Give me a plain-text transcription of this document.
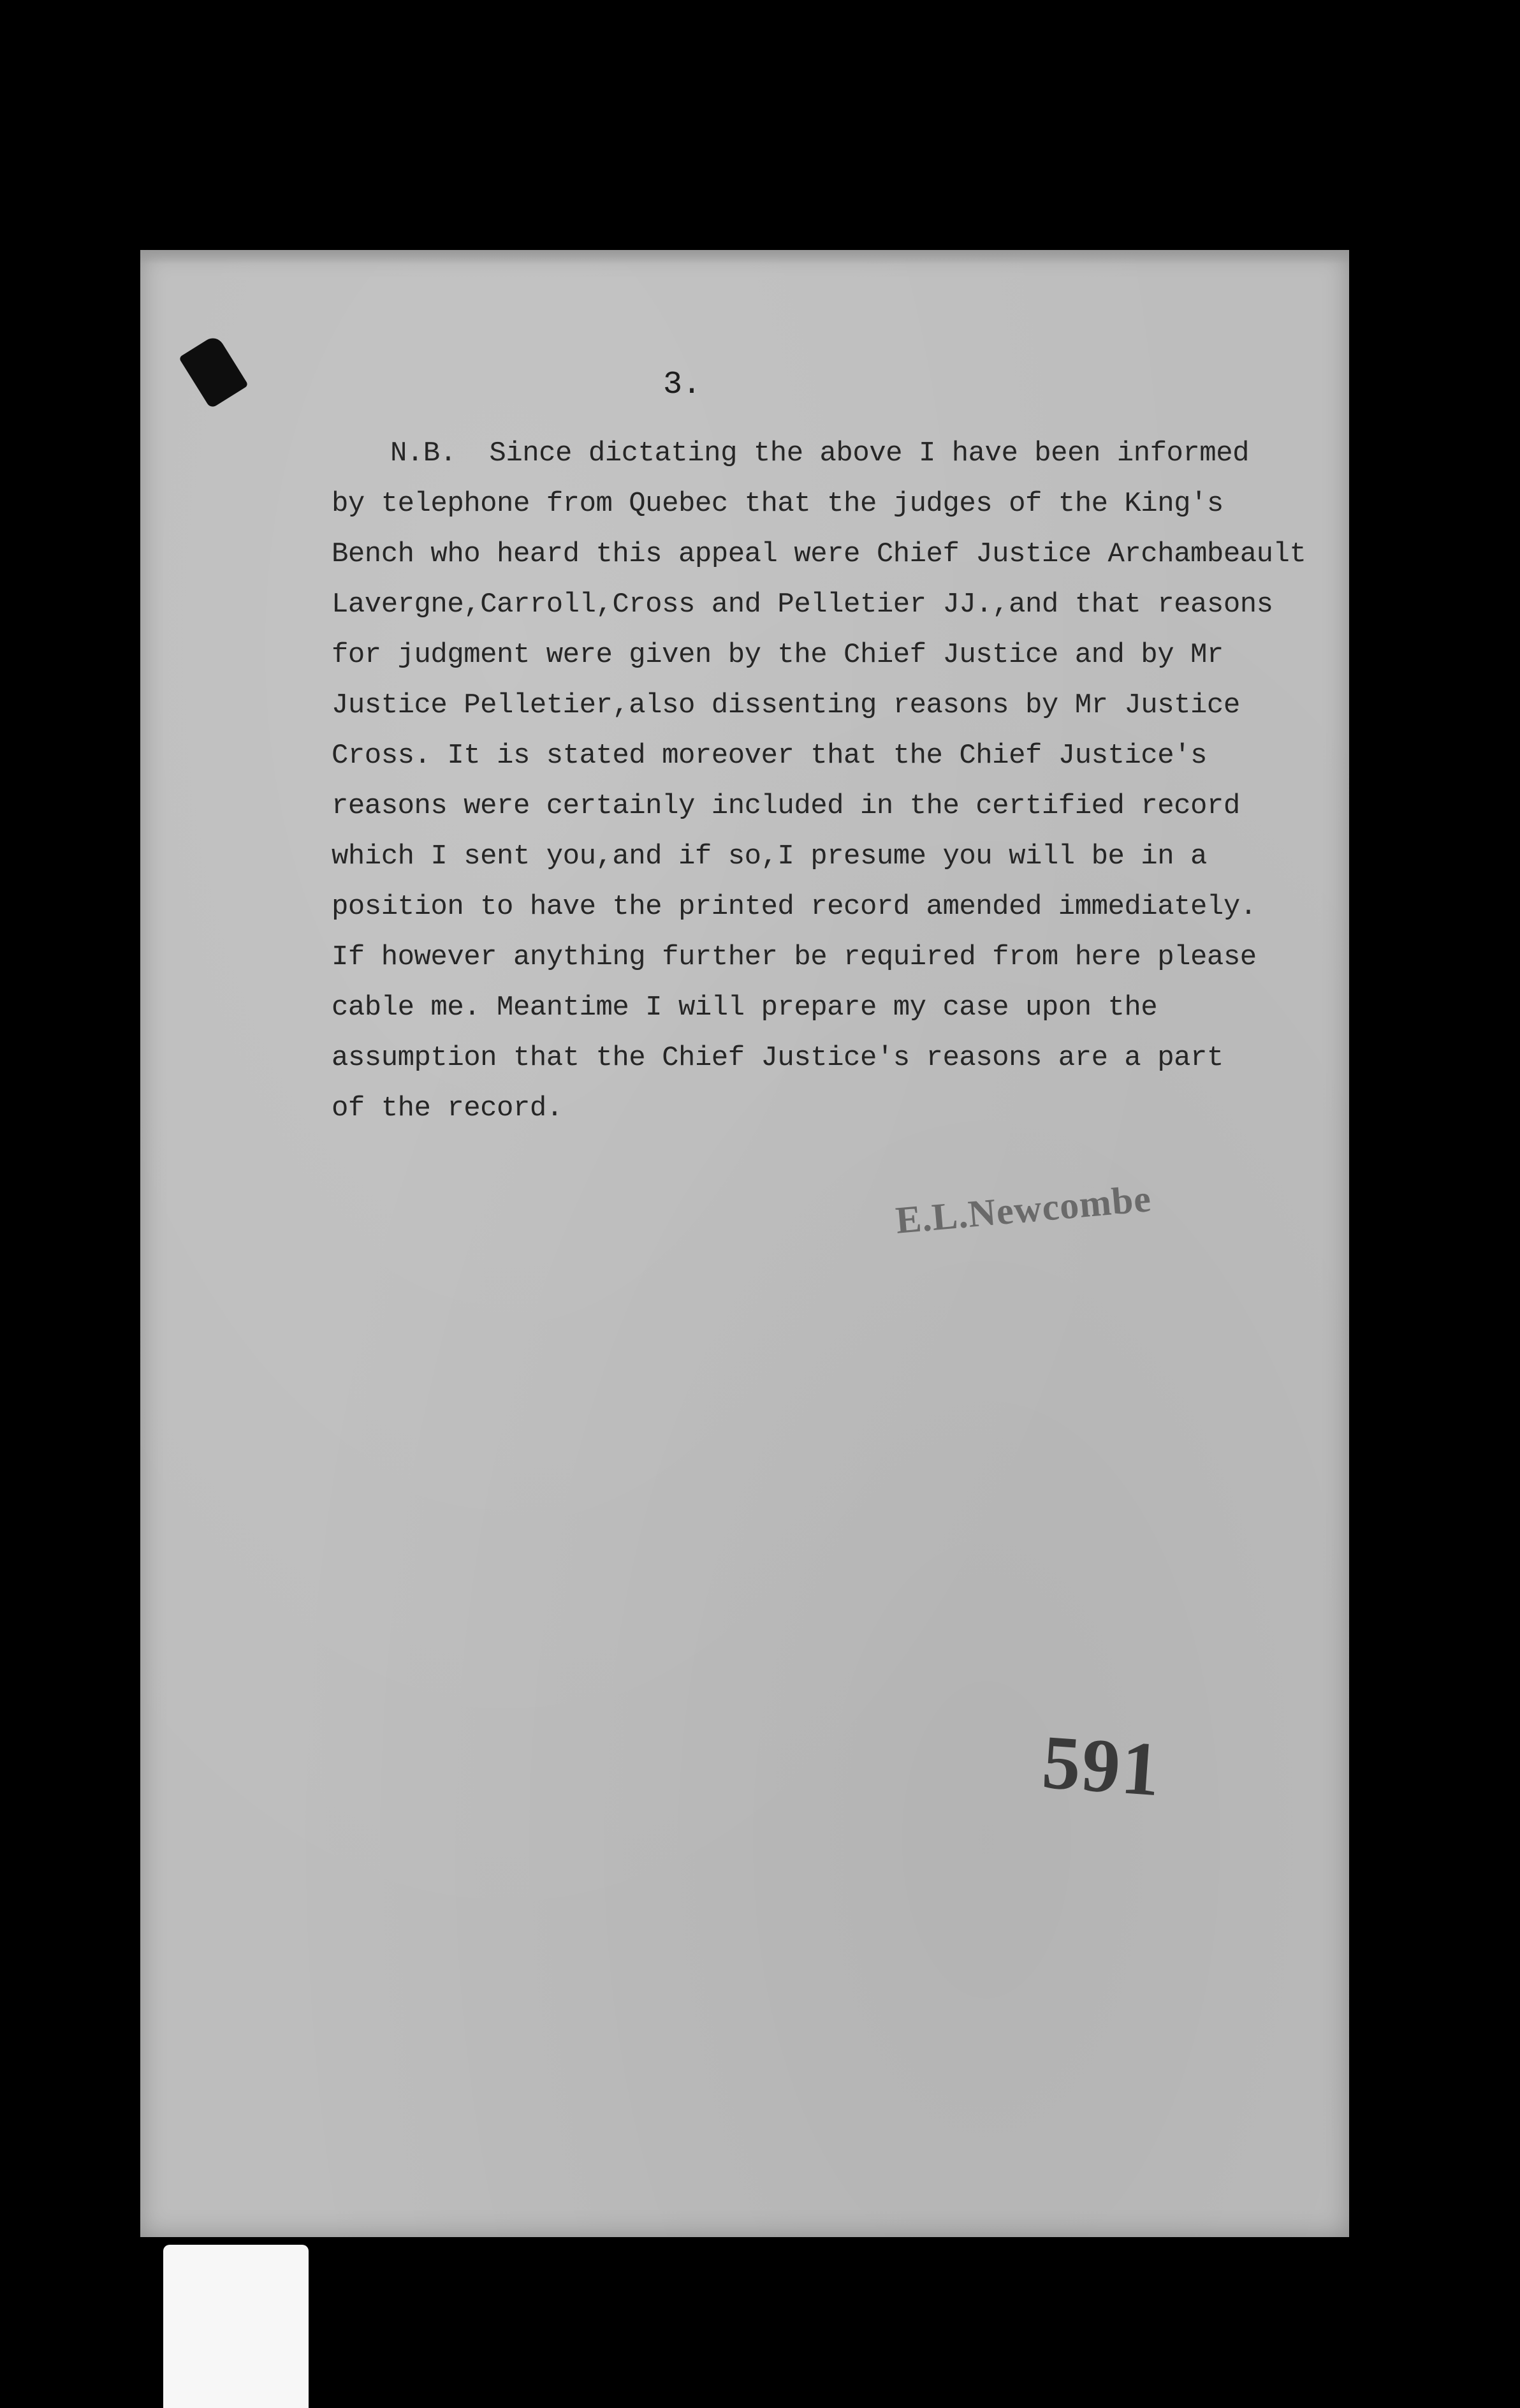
3.
N.B.  Since dictating the above I have been informed
by telephone from Quebec that the judges of the King's
Bench who heard this appeal were Chief Justice Archambeault
Lavergne,Carroll,Cross and Pelletier JJ.,and that reasons
for judgment were given by the Chief Justice and by Mr
Justice Pelletier,also dissenting reasons by Mr Justice
Cross. It is stated moreover that the Chief Justice's
reasons were certainly included in the certified record
which I sent you,and if so,I presume you will be in a
position to have the printed record amended immediately.
If however anything further be required from here please
cable me. Meantime I will prepare my case upon the
assumption that the Chief Justice's reasons are a part
of the record.
E.L.Newcombe
591
